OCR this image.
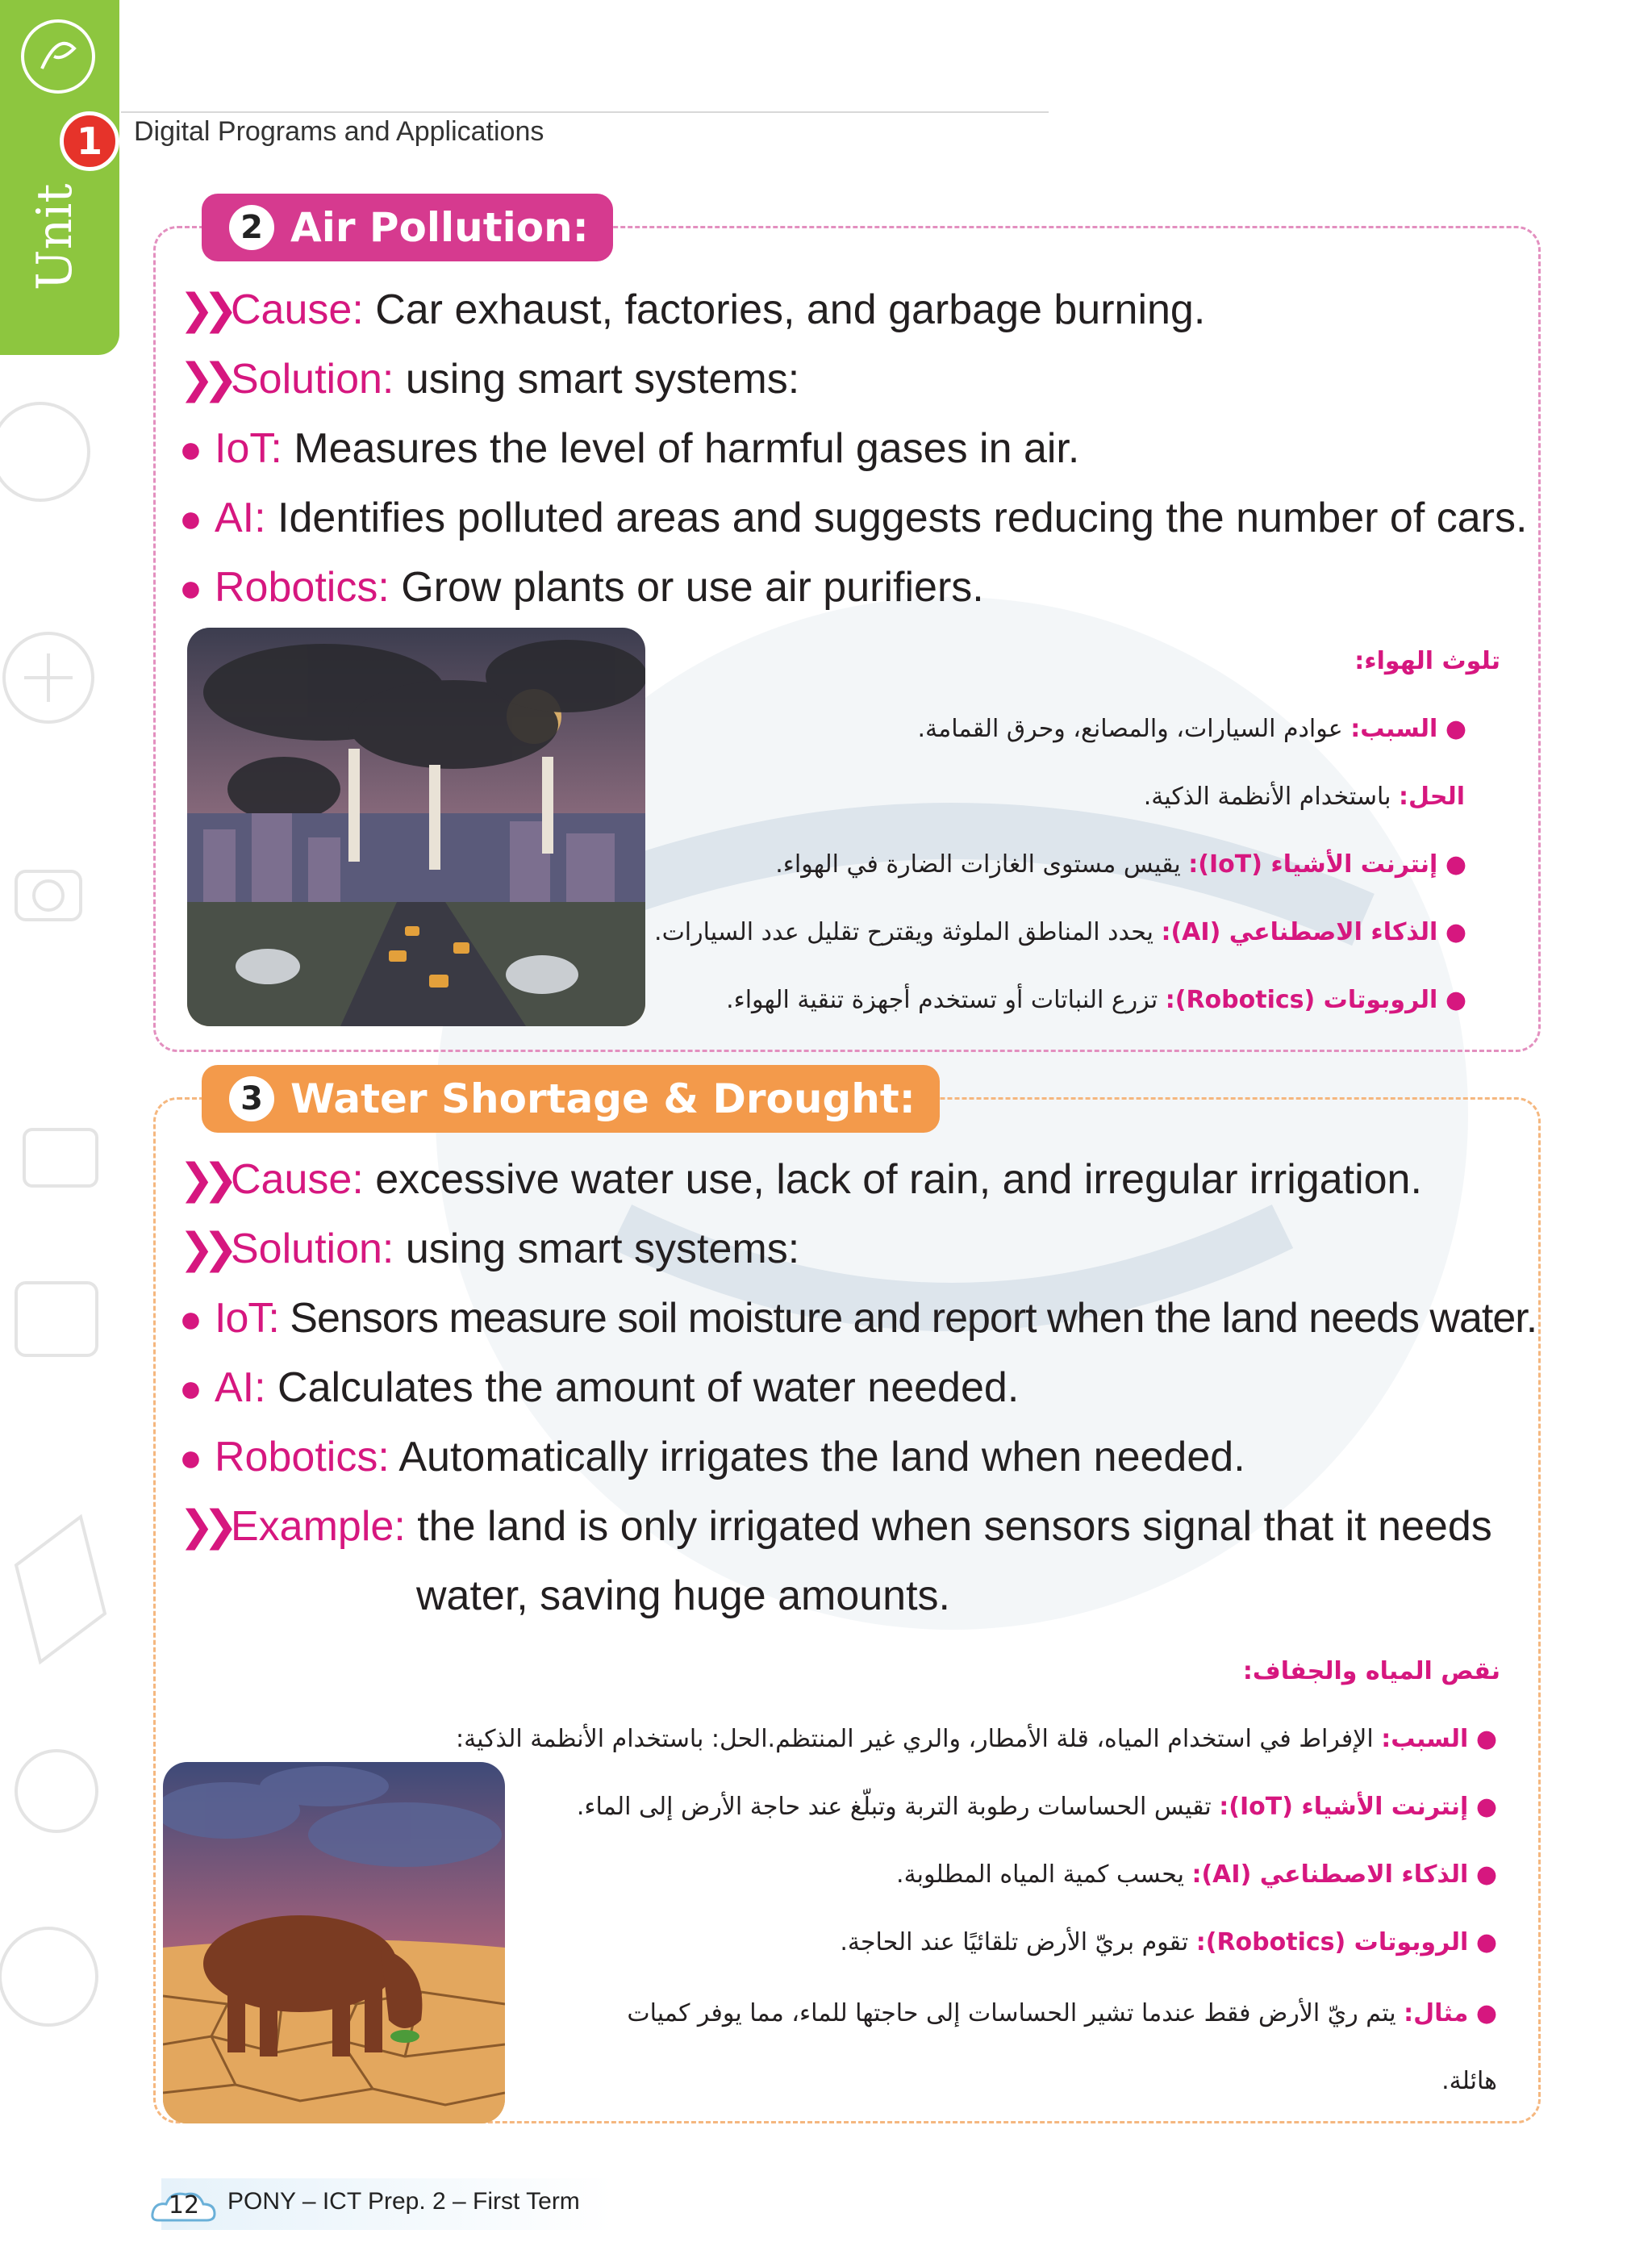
Unit
1	Digital Programs and Applications
2 Air Pollution:
❯❯Cause: Car exhaust, factories, and garbage burning.
❯❯Solution: using smart systems:
● IoT: Measures the level of harmful gases in air.
● AI: Identifies polluted areas and suggests reducing the number of cars.
● Robotics: Grow plants or use air purifiers.
تلوث الهواء:
● السبب: عوادم السيارات، والمصانع، وحرق القمامة.
الحل: باستخدام الأنظمة الذكية.
● إنترنت الأشياء (IoT): يقيس مستوى الغازات الضارة في الهواء.
● الذكاء الاصطناعي (AI): يحدد المناطق الملوثة ويقترح تقليل عدد السيارات.
● الروبوتات (Robotics): تزرع النباتات أو تستخدم أجهزة تنقية الهواء.
3 Water Shortage & Drought:
❯❯Cause: excessive water use, lack of rain, and irregular irrigation.
❯❯Solution: using smart systems:
● IoT: Sensors measure soil moisture and report when the land needs water.
● AI: Calculates the amount of water needed.
● Robotics: Automatically irrigates the land when needed.
❯❯Example: the land is only irrigated when sensors signal that it needs
water, saving huge amounts.
نقص المياه والجفاف:
● السبب: الإفراط في استخدام المياه، قلة الأمطار، والري غير المنتظم.الحل: باستخدام الأنظمة الذكية:
● إنترنت الأشياء (IoT): تقيس الحساسات رطوبة التربة وتبلّغ عند حاجة الأرض إلى الماء.
● الذكاء الاصطناعي (AI): يحسب كمية المياه المطلوبة.
● الروبوتات (Robotics): تقوم بريّ الأرض تلقائيًا عند الحاجة.
● مثال: يتم ريّ الأرض فقط عندما تشير الحساسات إلى حاجتها للماء، مما يوفر كميات
هائلة.
12	PONY – ICT Prep. 2 – First Term
